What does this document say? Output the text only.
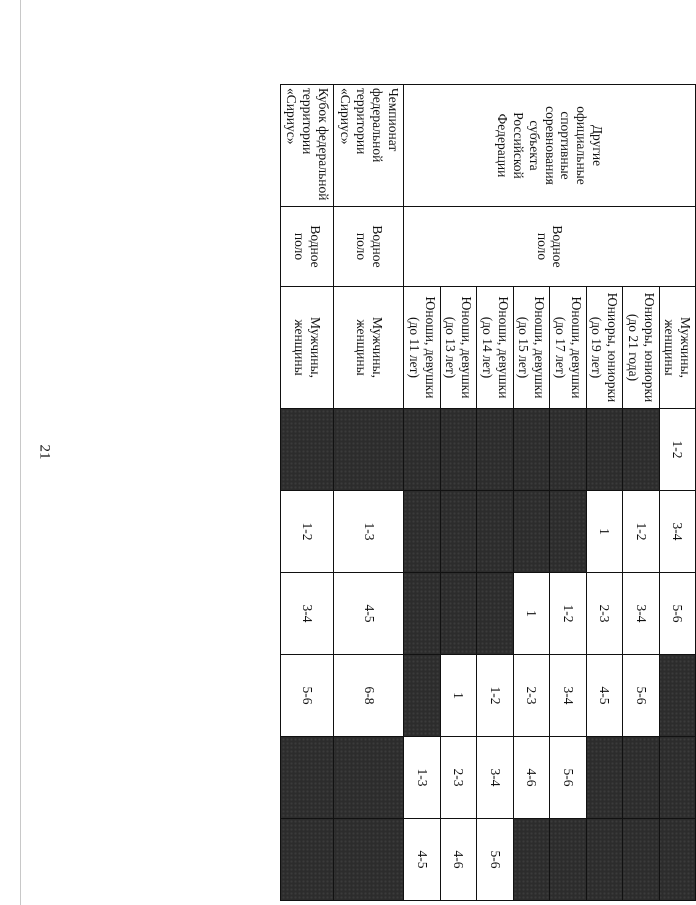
21
Другие официальные спортивные соревнования субъекта Российской Федерации	Водное поло	Мужчины, женщины	1-2	3-4	5-6			
		Юниоры, юниорки (до 21 года)		1-2	3-4	5-6		
		Юниоры, юниорки (до 19 лет)		1	2-3	4-5		
		Юноши, девушки (до 17 лет)			1-2	3-4	5-6	
		Юноши, девушки (до 15 лет)			1	2-3	4-6	
		Юноши, девушки (до 14 лет)				1-2	3-4	5-6
		Юноши, девушки (до 13 лет)				1	2-3	4-6
		Юноши, девушки (до 11 лет)					1-3	4-5
Чемпионат федеральной территории «Сириус»	Водное поло	Мужчины, женщины		1-3	4-5	6-8		
Кубок федеральной территории «Сириус»	Водное поло	Мужчины, женщины		1-2	3-4	5-6		
